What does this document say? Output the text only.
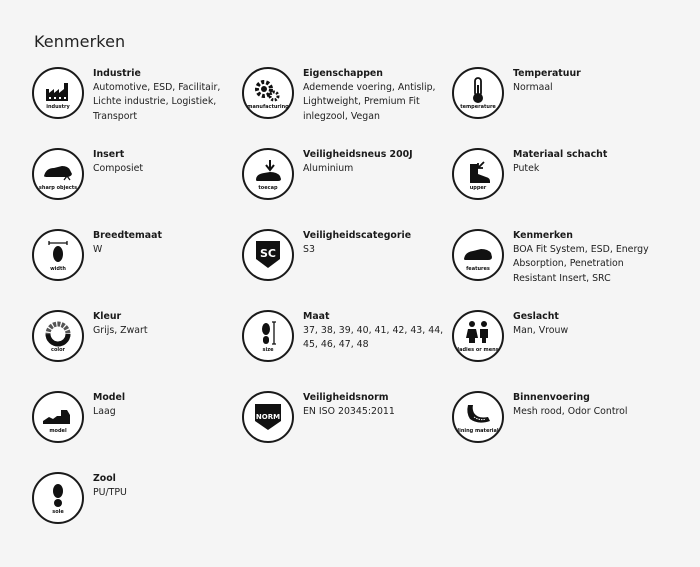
Kenmerken
industry
Industrie
Automotive, ESD, Facilitair, Lichte industrie, Logistiek, Transport
manufacturing
Eigenschappen
Ademende voering, Antislip, Lightweight, Premium Fit inlegzool, Vegan
temperature
Temperatuur
Normaal
sharp objects
Insert
Composiet
toecap
Veiligheidsneus 200J
Aluminium
upper
Materiaal schacht
Putek
width
Breedtemaat
W	SC
Veiligheidscategorie
S3
features
Kenmerken
BOA Fit System, ESD, Energy Absorption, Penetration Resistant Insert, SRC
color
Kleur
Grijs, Zwart
size
Maat
37, 38, 39, 40, 41, 42, 43, 44, 45, 46, 47, 48	ladies or mens
Geslacht
Man, Vrouw
model
Model
Laag	NORM
Veiligheidsnorm
EN ISO 20345:2011
lining material
Binnenvoering
Mesh rood, Odor Control
sole
Zool
PU/TPU
